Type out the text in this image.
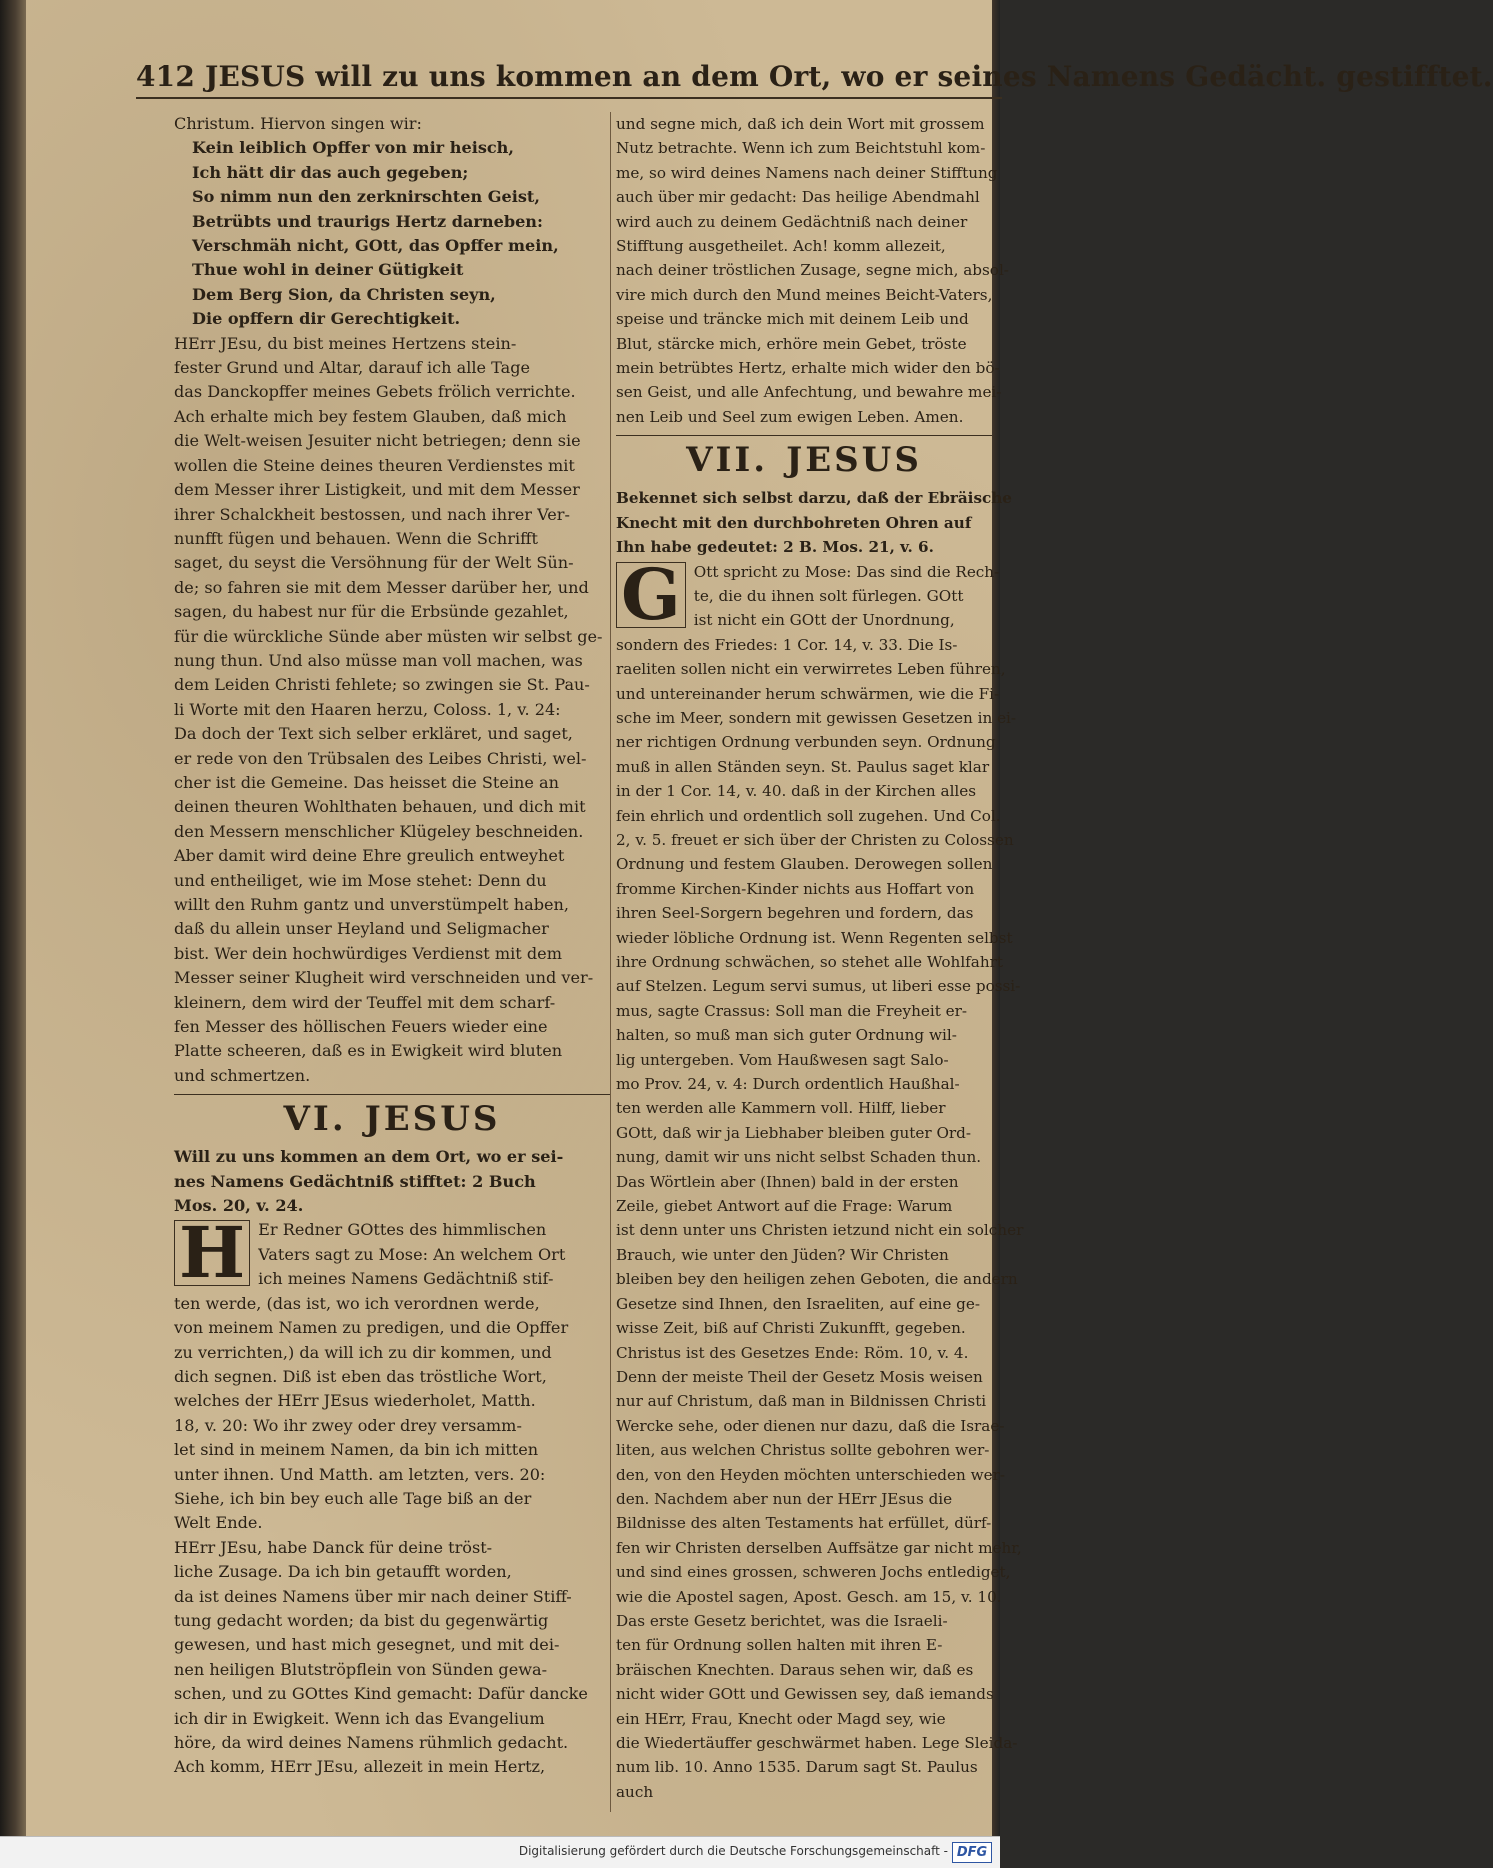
412 JESUS will zu uns kommen an dem Ort, wo er seines Namens Gedächt. gestifftet.
Christum. Hiervon singen wir:
Kein leiblich Opffer von mir heisch,
Ich hätt dir das auch gegeben;
So nimm nun den zerknirschten Geist,
Betrübts und traurigs Hertz darneben:
Verschmäh nicht, GOtt, das Opffer mein,
Thue wohl in deiner Gütigkeit
Dem Berg Sion, da Christen seyn,
Die opffern dir Gerechtigkeit.
HErr JEsu, du bist meines Hertzens stein-
fester Grund und Altar, darauf ich alle Tage
das Danckopffer meines Gebets frölich verrichte.
Ach erhalte mich bey festem Glauben, daß mich
die Welt-weisen Jesuiter nicht betriegen; denn sie
wollen die Steine deines theuren Verdienstes mit
dem Messer ihrer Listigkeit, und mit dem Messer
ihrer Schalckheit bestossen, und nach ihrer Ver-
nunfft fügen und behauen. Wenn die Schrifft
saget, du seyst die Versöhnung für der Welt Sün-
de; so fahren sie mit dem Messer darüber her, und
sagen, du habest nur für die Erbsünde gezahlet,
für die würckliche Sünde aber müsten wir selbst ge-
nung thun. Und also müsse man voll machen, was
dem Leiden Christi fehlete; so zwingen sie St. Pau-
li Worte mit den Haaren herzu, Coloss. 1, v. 24:
Da doch der Text sich selber erkläret, und saget,
er rede von den Trübsalen des Leibes Christi, wel-
cher ist die Gemeine. Das heisset die Steine an
deinen theuren Wohlthaten behauen, und dich mit
den Messern menschlicher Klügeley beschneiden.
Aber damit wird deine Ehre greulich entweyhet
und entheiliget, wie im Mose stehet: Denn du
willt den Ruhm gantz und unverstümpelt haben,
daß du allein unser Heyland und Seligmacher
bist. Wer dein hochwürdiges Verdienst mit dem
Messer seiner Klugheit wird verschneiden und ver-
kleinern, dem wird der Teuffel mit dem scharf-
fen Messer des höllischen Feuers wieder eine
Platte scheeren, daß es in Ewigkeit wird bluten
und schmertzen.
VI. JESUS
Will zu uns kommen an dem Ort, wo er sei-
nes Namens Gedächtniß stifftet: 2 Buch
Mos. 20, v. 24.
H Er Redner GOttes des himmlischen
Vaters sagt zu Mose: An welchem Ort
ich meines Namens Gedächtniß stif-
ten werde, (das ist, wo ich verordnen werde,
von meinem Namen zu predigen, und die Opffer
zu verrichten,) da will ich zu dir kommen, und
dich segnen. Diß ist eben das tröstliche Wort,
welches der HErr JEsus wiederholet, Matth.
18, v. 20: Wo ihr zwey oder drey versamm-
let sind in meinem Namen, da bin ich mitten
unter ihnen. Und Matth. am letzten, vers. 20:
Siehe, ich bin bey euch alle Tage biß an der
Welt Ende.
HErr JEsu, habe Danck für deine tröst-
liche Zusage. Da ich bin getaufft worden,
da ist deines Namens über mir nach deiner Stiff-
tung gedacht worden; da bist du gegenwärtig
gewesen, und hast mich gesegnet, und mit dei-
nen heiligen Blutströpflein von Sünden gewa-
schen, und zu GOttes Kind gemacht: Dafür dancke
ich dir in Ewigkeit. Wenn ich das Evangelium
höre, da wird deines Namens rühmlich gedacht.
Ach komm, HErr JEsu, allezeit in mein Hertz,
und segne mich, daß ich dein Wort mit grossem
Nutz betrachte. Wenn ich zum Beichtstuhl kom-
me, so wird deines Namens nach deiner Stifftung
auch über mir gedacht: Das heilige Abendmahl
wird auch zu deinem Gedächtniß nach deiner
Stifftung ausgetheilet. Ach! komm allezeit,
nach deiner tröstlichen Zusage, segne mich, absol-
vire mich durch den Mund meines Beicht-Vaters,
speise und träncke mich mit deinem Leib und
Blut, stärcke mich, erhöre mein Gebet, tröste
mein betrübtes Hertz, erhalte mich wider den bö-
sen Geist, und alle Anfechtung, und bewahre mei-
nen Leib und Seel zum ewigen Leben. Amen.
VII. JESUS
Bekennet sich selbst darzu, daß der Ebräische
Knecht mit den durchbohreten Ohren auf
Ihn habe gedeutet: 2 B. Mos. 21, v. 6.
G Ott spricht zu Mose: Das sind die Rech-
te, die du ihnen solt fürlegen. GOtt
ist nicht ein GOtt der Unordnung,
sondern des Friedes: 1 Cor. 14, v. 33. Die Is-
raeliten sollen nicht ein verwirretes Leben führen,
und untereinander herum schwärmen, wie die Fi-
sche im Meer, sondern mit gewissen Gesetzen in ei-
ner richtigen Ordnung verbunden seyn. Ordnung
muß in allen Ständen seyn. St. Paulus saget klar
in der 1 Cor. 14, v. 40. daß in der Kirchen alles
fein ehrlich und ordentlich soll zugehen. Und Col.
2, v. 5. freuet er sich über der Christen zu Colossen
Ordnung und festem Glauben. Derowegen sollen
fromme Kirchen-Kinder nichts aus Hoffart von
ihren Seel-Sorgern begehren und fordern, das
wieder löbliche Ordnung ist. Wenn Regenten selbst
ihre Ordnung schwächen, so stehet alle Wohlfahrt
auf Stelzen. Legum servi sumus, ut liberi esse possi-
mus, sagte Crassus: Soll man die Freyheit er-
halten, so muß man sich guter Ordnung wil-
lig untergeben. Vom Haußwesen sagt Salo-
mo Prov. 24, v. 4: Durch ordentlich Haußhal-
ten werden alle Kammern voll. Hilff, lieber
GOtt, daß wir ja Liebhaber bleiben guter Ord-
nung, damit wir uns nicht selbst Schaden thun.
Das Wörtlein aber (Ihnen) bald in der ersten
Zeile, giebet Antwort auf die Frage: Warum
ist denn unter uns Christen ietzund nicht ein solcher
Brauch, wie unter den Jüden? Wir Christen
bleiben bey den heiligen zehen Geboten, die andern
Gesetze sind Ihnen, den Israeliten, auf eine ge-
wisse Zeit, biß auf Christi Zukunfft, gegeben.
Christus ist des Gesetzes Ende: Röm. 10, v. 4.
Denn der meiste Theil der Gesetz Mosis weisen
nur auf Christum, daß man in Bildnissen Christi
Wercke sehe, oder dienen nur dazu, daß die Israe-
liten, aus welchen Christus sollte gebohren wer-
den, von den Heyden möchten unterschieden wer-
den. Nachdem aber nun der HErr JEsus die
Bildnisse des alten Testaments hat erfüllet, dürf-
fen wir Christen derselben Auffsätze gar nicht mehr,
und sind eines grossen, schweren Jochs entlediget,
wie die Apostel sagen, Apost. Gesch. am 15, v. 10.
Das erste Gesetz berichtet, was die Israeli-
ten für Ordnung sollen halten mit ihren E-
bräischen Knechten. Daraus sehen wir, daß es
nicht wider GOtt und Gewissen sey, daß iemands
ein HErr, Frau, Knecht oder Magd sey, wie
die Wiedertäuffer geschwärmet haben. Lege Sleida-
num lib. 10. Anno 1535. Darum sagt St. Paulus
auch
Digitalisierung gefördert durch die Deutsche Forschungsgemeinschaft - DFG
